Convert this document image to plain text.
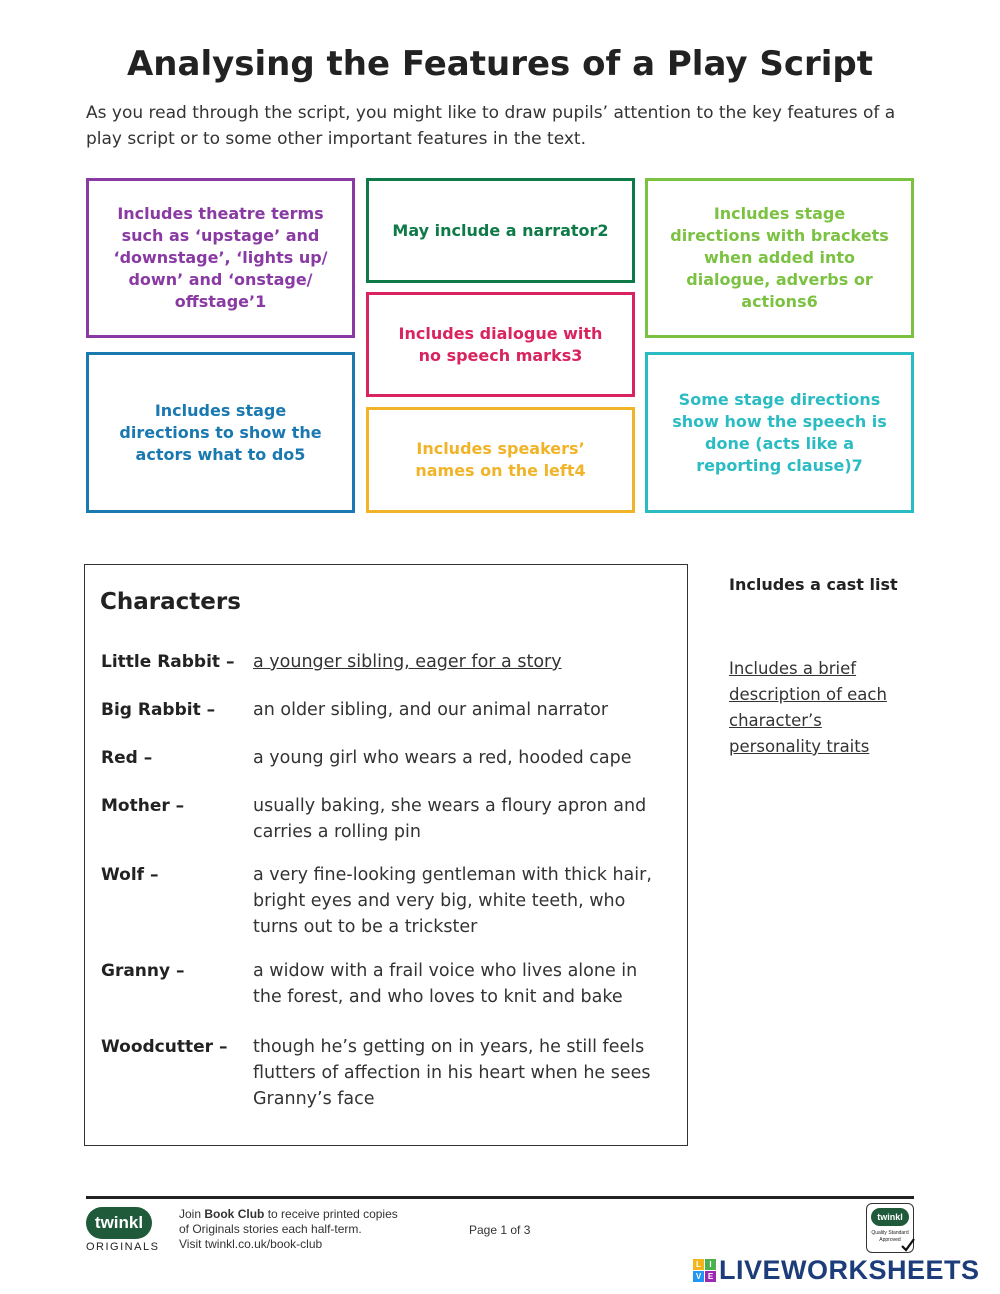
Analysing the Features of a Play Script
As you read through the script, you might like to draw pupils’ attention to the key features of a play script or to some other important features in the text.
Includes theatre terms such as ‘upstage’ and ‘downstage’, ‘lights up/ down’ and ‘onstage/ offstage’1
May include a narrator2
Includes stage directions with brackets when added into dialogue, adverbs or actions6
Includes dialogue with no speech marks3
Includes stage directions to show the actors what to do5	Includes speakers’ names on the left4
Some stage directions show how the speech is done (acts like a reporting clause)7
Characters
Little Rabbit – a younger sibling, eager for a story
Big Rabbit – an older sibling, and our animal narrator
Red –	a young girl who wears a red, hooded cape
Mother –	usually baking, she wears a floury apron and carries a rolling pin
Wolf –	a very fine-looking gentleman with thick hair, bright eyes and very big, white teeth, who turns out to be a trickster
Granny –	a widow with a frail voice who lives alone in the forest, and who loves to knit and bake
Woodcutter – though he’s getting on in years, he still feels flutters of affection in his heart when he sees Granny’s face
Includes a cast list
Includes a brief description of each character’s personality traits
twinkl
ORIGINALS
Join Book Club to receive printed copies
of Originals stories each half-term.
Visit twinkl.co.uk/book-club
Page 1 of 3
twinkl
Quality Standard
Approved
L	I
V E LIVEWORKSHEETS
